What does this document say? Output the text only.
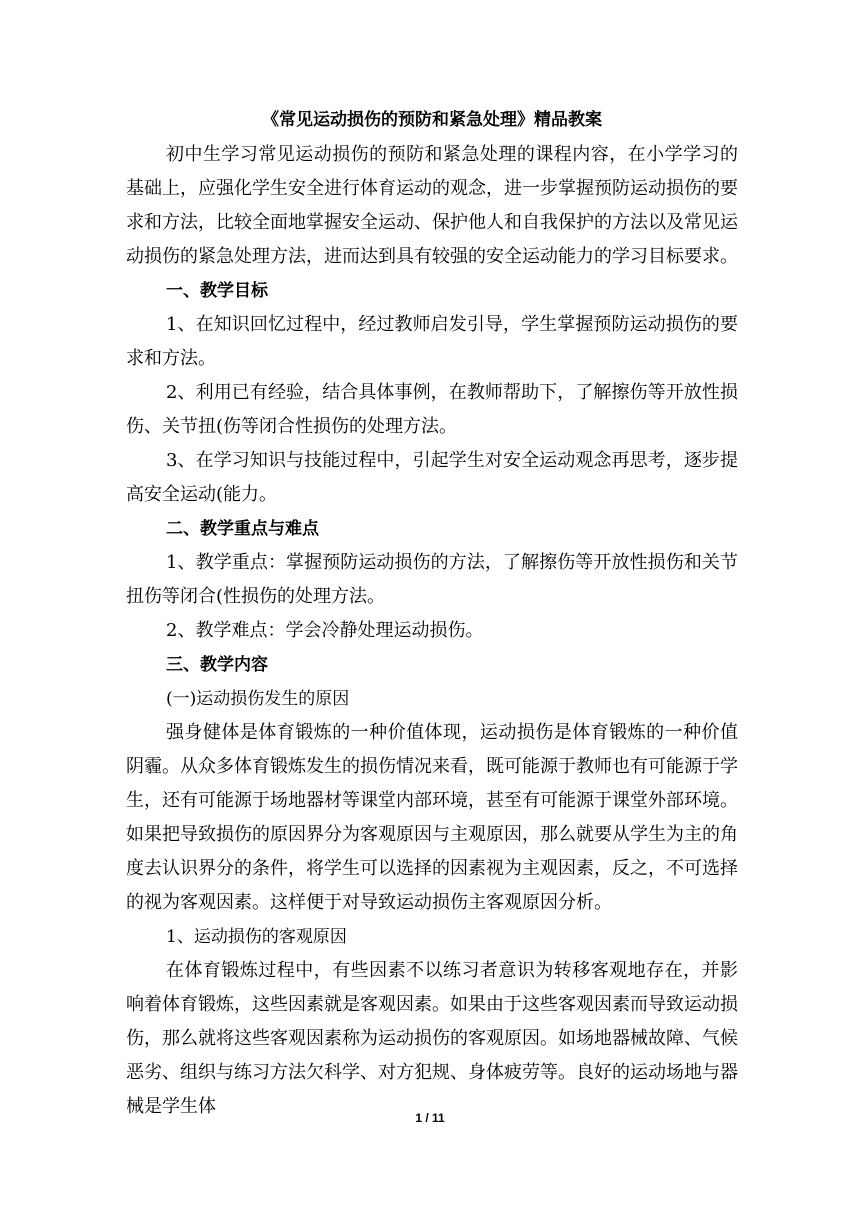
《常见运动损伤的预防和紧急处理》精品教案

初中生学习常见运动损伤的预防和紧急处理的课程内容，在小学学习的基础上，应强化学生安全进行体育运动的观念，进一步掌握预防运动损伤的要求和方法，比较全面地掌握安全运动、保护他人和自我保护的方法以及常见运动损伤的紧急处理方法，进而达到具有较强的安全运动能力的学习目标要求。

一、教学目标

1、在知识回忆过程中，经过教师启发引导，学生掌握预防运动损伤的要求和方法。

2、利用已有经验，结合具体事例，在教师帮助下，了解擦伤等开放性损伤、关节扭(伤等闭合性损伤的处理方法。

3、在学习知识与技能过程中，引起学生对安全运动观念再思考，逐步提高安全运动(能力。

二、教学重点与难点

1、教学重点：掌握预防运动损伤的方法，了解擦伤等开放性损伤和关节扭伤等闭合(性损伤的处理方法。

2、教学难点：学会冷静处理运动损伤。

三、教学内容

(一)运动损伤发生的原因

强身健体是体育锻炼的一种价值体现，运动损伤是体育锻炼的一种价值阴霾。从众多体育锻炼发生的损伤情况来看，既可能源于教师也有可能源于学生，还有可能源于场地器材等课堂内部环境，甚至有可能源于课堂外部环境。如果把导致损伤的原因界分为客观原因与主观原因，那么就要从学生为主的角度去认识界分的条件，将学生可以选择的因素视为主观因素，反之，不可选择的视为客观因素。这样便于对导致运动损伤主客观原因分析。

1、运动损伤的客观原因

在体育锻炼过程中，有些因素不以练习者意识为转移客观地存在，并影响着体育锻炼，这些因素就是客观因素。如果由于这些客观因素而导致运动损伤，那么就将这些客观因素称为运动损伤的客观原因。如场地器械故障、气候恶劣、组织与练习方法欠科学、对方犯规、身体疲劳等。良好的运动场地与器械是学生体

1 / 11
